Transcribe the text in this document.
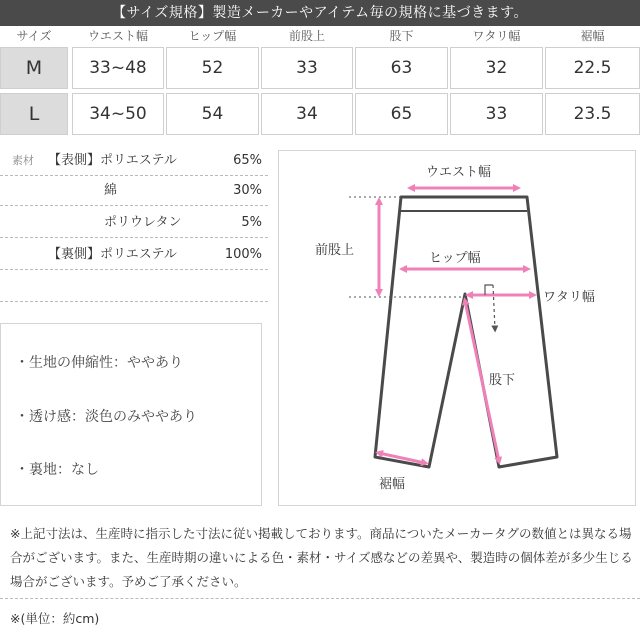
【サイズ規格】製造メーカーやアイテム毎の規格に基づきます。
サイズ	ウエスト幅	ヒップ幅	前股上	股下	ワタリ幅	裾幅
M	33~48	52	33	63	32	22.5
L	34~50	54	34	65	33	23.5
素材 【表側】ポリエステル	65%
綿	30%
ポリウレタン	5%
【裏側】ポリエステル	100%
・生地の伸縮性：ややあり
・透け感：淡色のみややあり
・裏地：なし
ウエスト幅
前股上
ヒップ幅
ワタリ幅
股下
裾幅
※上記寸法は、生産時に指示した寸法に従い掲載しております。商品についたメーカータグの数値とは異なる場合がございます。また、生産時期の違いによる色・素材・サイズ感などの差異や、製造時の個体差が多少生じる場合がございます。予めご了承ください。
※(単位：約cm)
